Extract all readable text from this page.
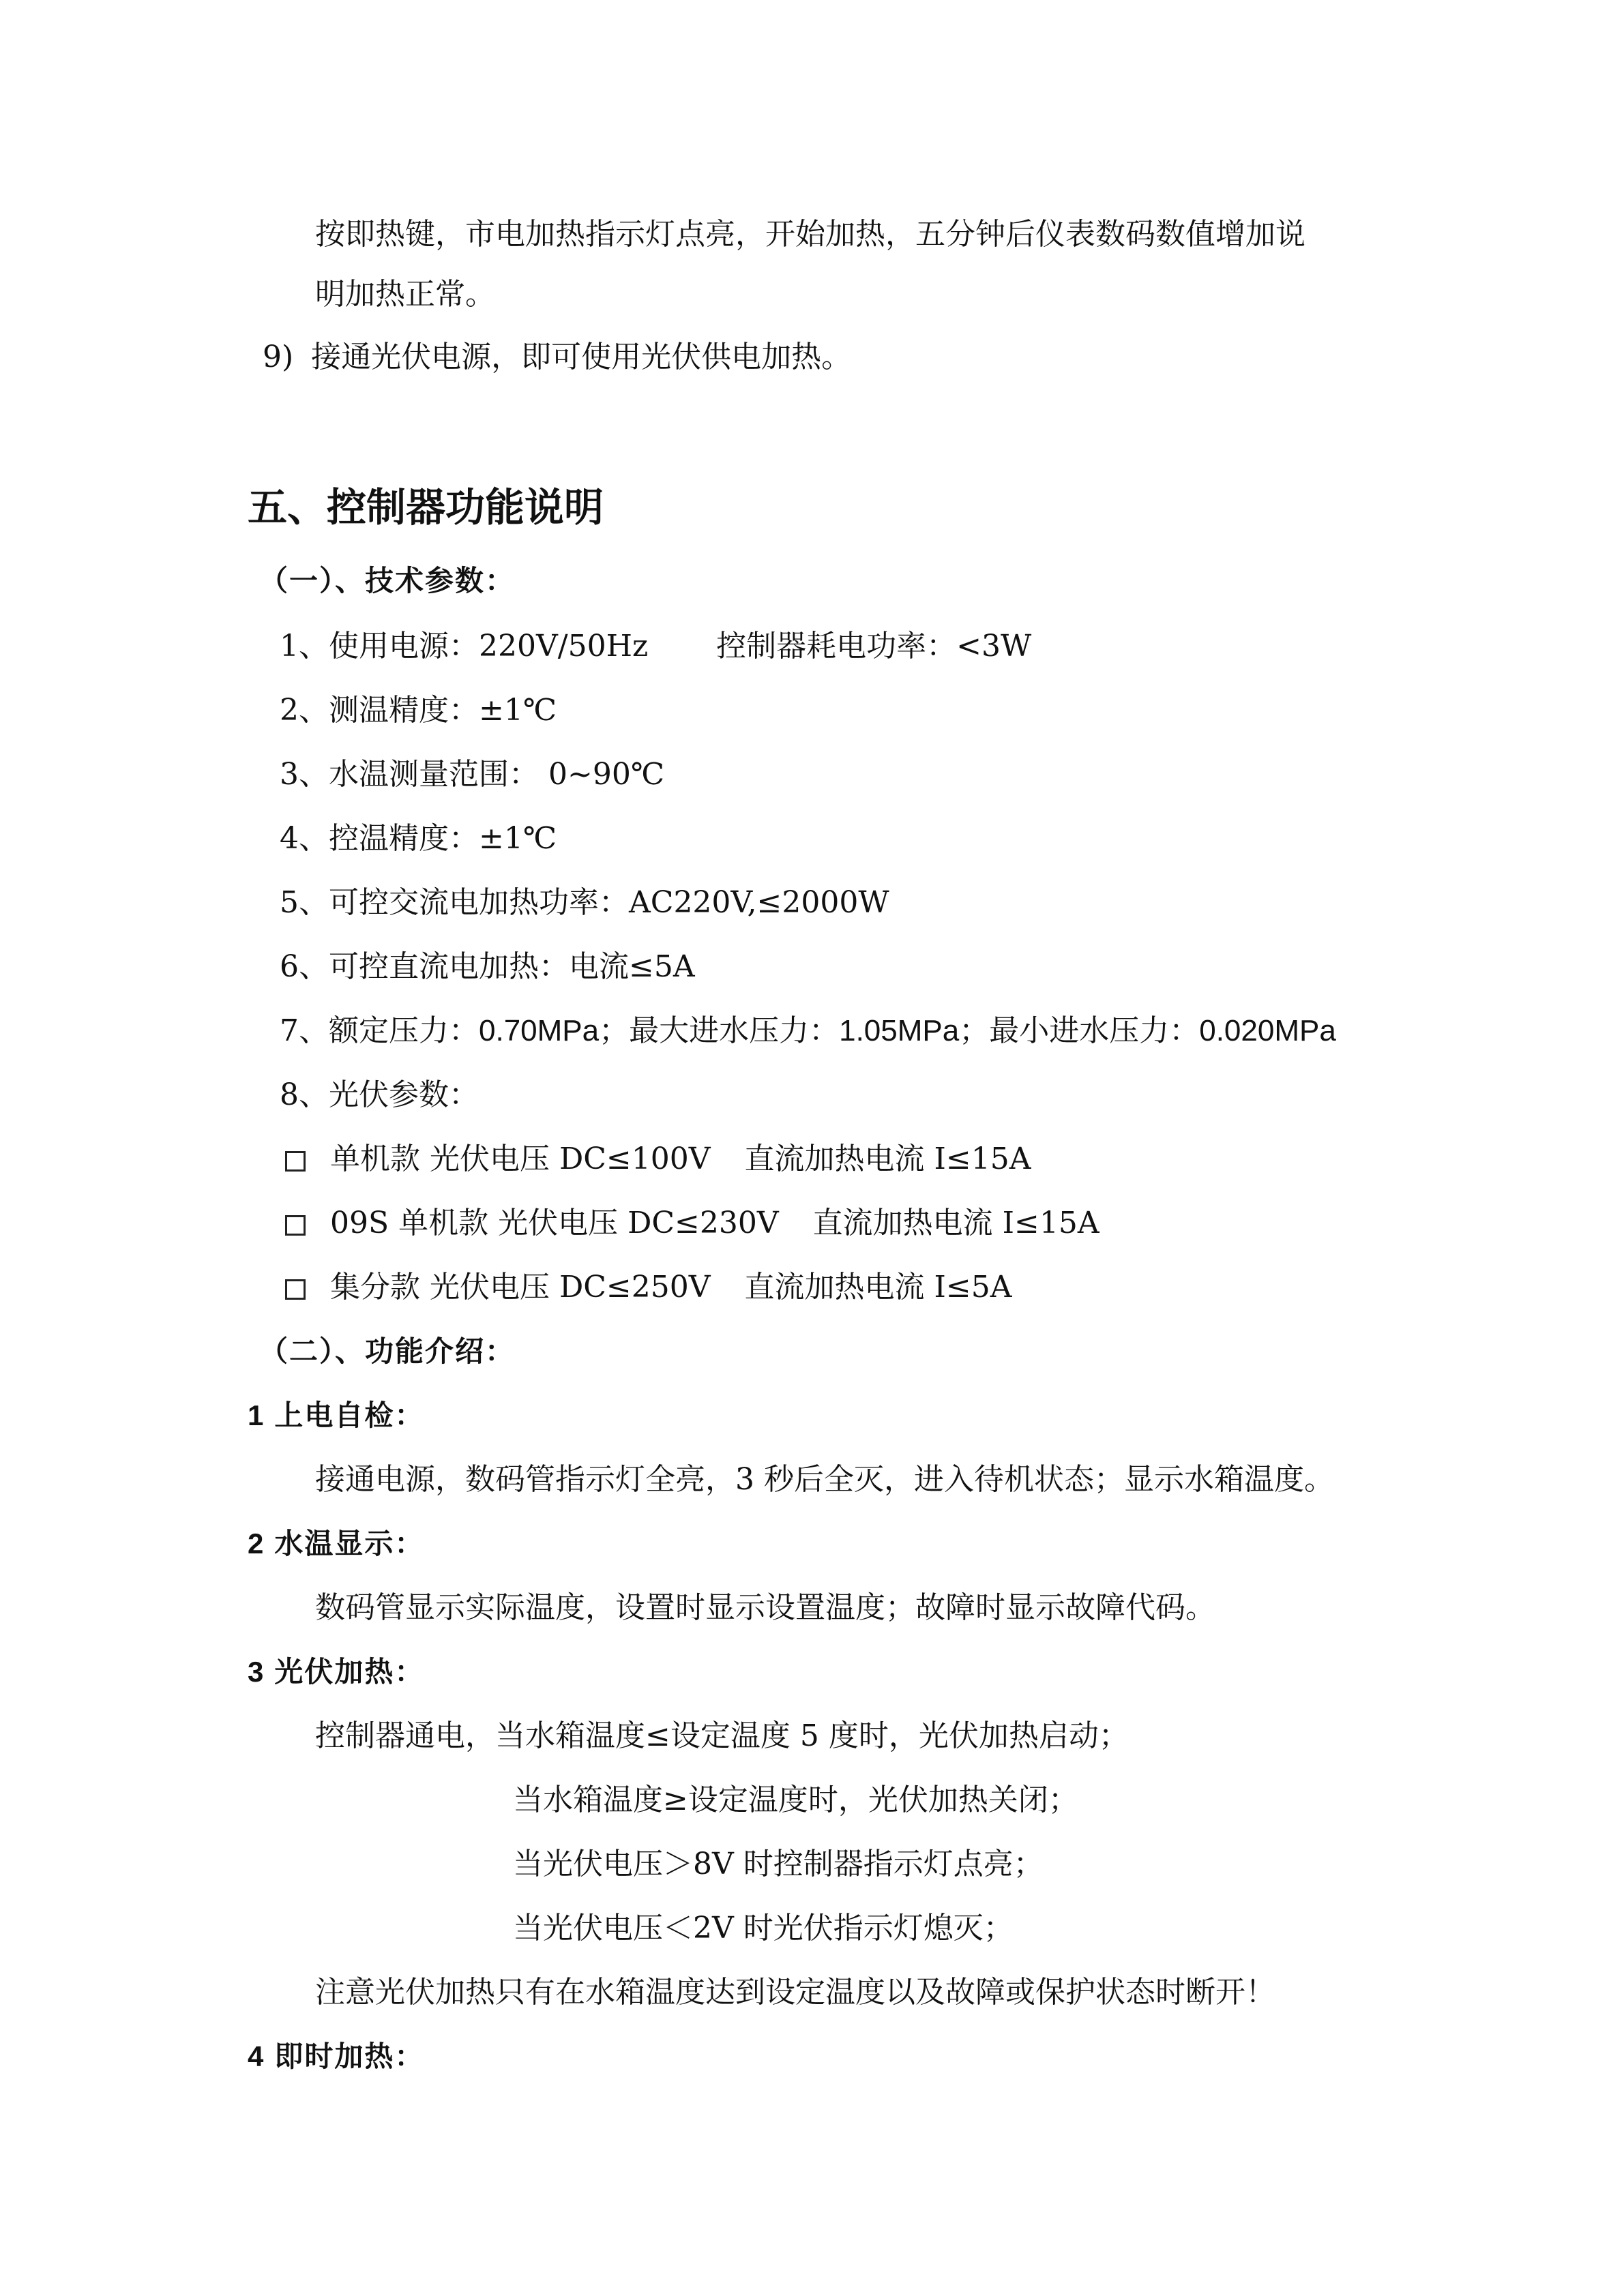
按即热键，市电加热指示灯点亮，开始加热，五分钟后仪表数码数值增加说
明加热正常。
9) 接通光伏电源，即可使用光伏供电加热。
五、控制器功能说明
（一）、技术参数：
1、使用电源：220V/50Hz 控制器耗电功率：<3W
2、测温精度：±1℃
3、水温测量范围： 0~90℃
4、控温精度：±1℃
5、可控交流电加热功率：AC220V,≤2000W
6、可控直流电加热：电流≤5A
7、额定压力：0.70MPa；最大进水压力：1.05MPa；最小进水压力：0.020MPa
8、光伏参数：
单机款 光伏电压 DC≤100V 直流加热电流 I≤15A
09S 单机款 光伏电压 DC≤230V 直流加热电流 I≤15A
集分款 光伏电压 DC≤250V 直流加热电流 I≤5A
（二）、功能介绍：
1 上电自检：
接通电源，数码管指示灯全亮，3 秒后全灭，进入待机状态；显示水箱温度。
2 水温显示：
数码管显示实际温度，设置时显示设置温度；故障时显示故障代码。
3 光伏加热：
控制器通电，当水箱温度≤设定温度 5 度时，光伏加热启动；
当水箱温度≥设定温度时，光伏加热关闭；
当光伏电压＞8V 时控制器指示灯点亮；
当光伏电压＜2V 时光伏指示灯熄灭；
注意光伏加热只有在水箱温度达到设定温度以及故障或保护状态时断开！
4 即时加热：
